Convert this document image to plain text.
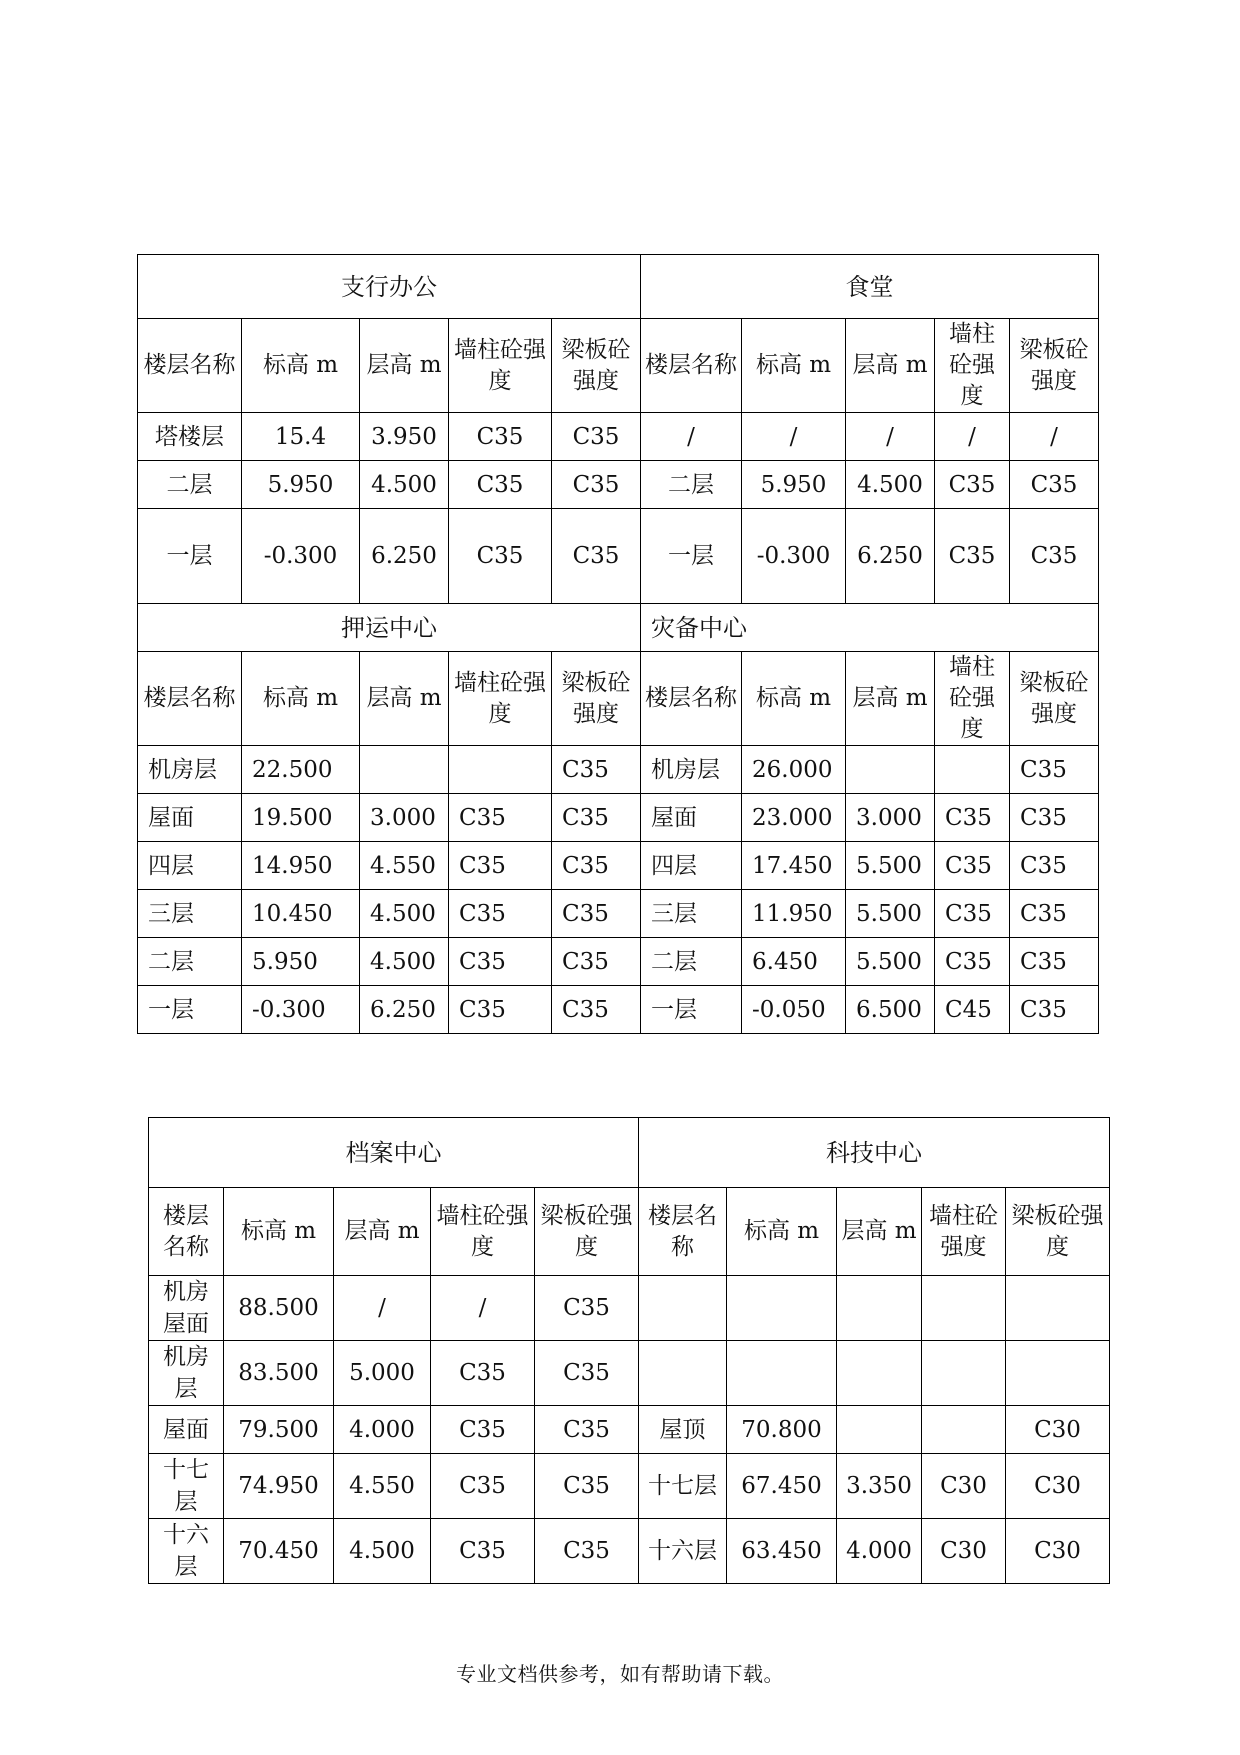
支行办公					食堂				
楼层名称	标高 m	层高 m	墙柱砼强度	梁板砼强度	楼层名称	标高 m	层高 m	墙柱砼强度	梁板砼强度
塔楼层	15.4	3.950	C35	C35	/	/	/	/	/
二层	5.950	4.500	C35	C35	二层	5.950	4.500	C35	C35
一层	-0.300	6.250	C35	C35	一层	-0.300	6.250	C35	C35
押运中心					灾备中心				
楼层名称	标高 m	层高 m	墙柱砼强度	梁板砼强度	楼层名称	标高 m	层高 m	墙柱砼强度	梁板砼强度
机房层	22.500			C35	机房层	26.000			C35
屋面	19.500	3.000	C35	C35	屋面	23.000	3.000	C35	C35
四层	14.950	4.550	C35	C35	四层	17.450	5.500	C35	C35
三层	10.450	4.500	C35	C35	三层	11.950	5.500	C35	C35
二层	5.950	4.500	C35	C35	二层	6.450	5.500	C35	C35
一层	-0.300	6.250	C35	C35	一层	-0.050	6.500	C45	C35
档案中心					科技中心				
楼层名称	标高 m	层高 m	墙柱砼强度	梁板砼强度	楼层名称	标高 m	层高 m	墙柱砼强度	梁板砼强度
机房屋面	88.500	/	/	C35					
机房层	83.500	5.000	C35	C35					
屋面	79.500	4.000	C35	C35	屋顶	70.800			C30
十七层	74.950	4.550	C35	C35	十七层	67.450	3.350	C30	C30
十六层	70.450	4.500	C35	C35	十六层	63.450	4.000	C30	C30
专业文档供参考，如有帮助请下载。
